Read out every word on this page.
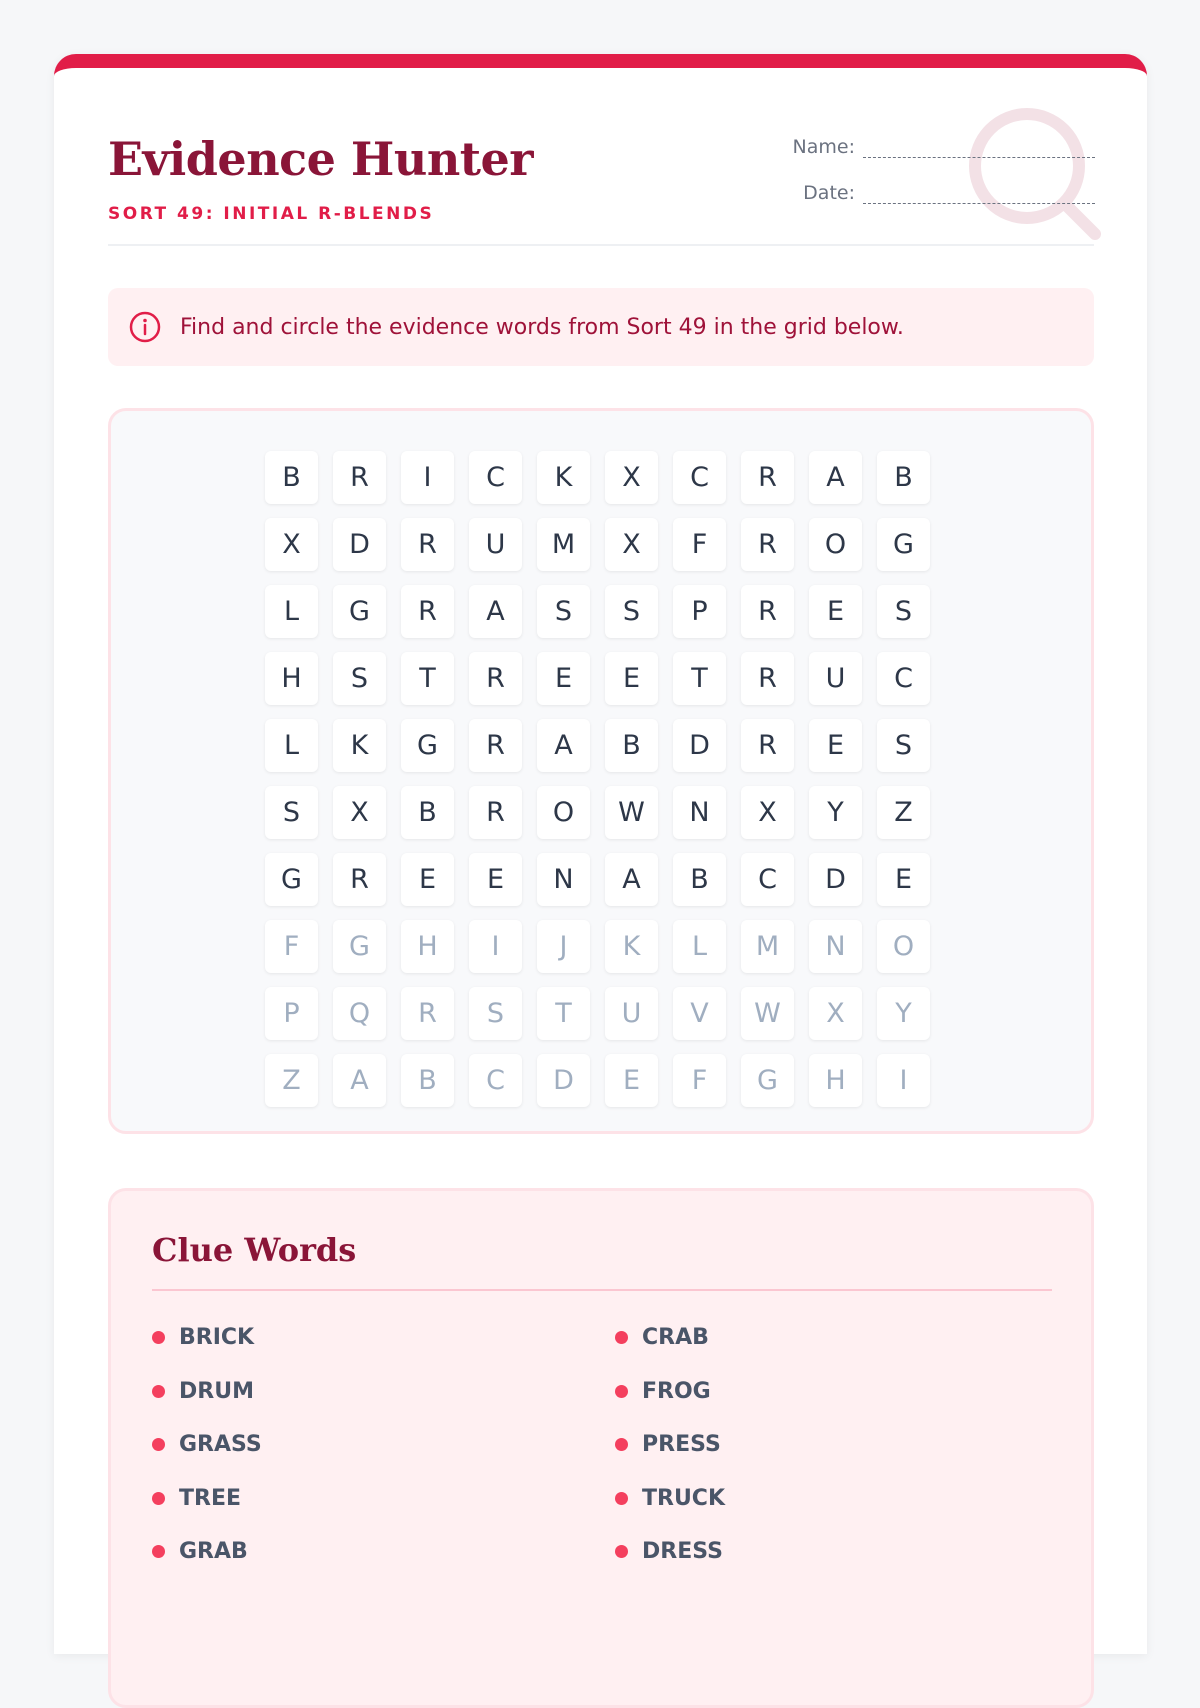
Evidence Hunter
SORT 49: INITIAL R-BLENDS
Name:
Date:
Find and circle the evidence words from Sort 49 in the grid below.
B	R	I	C	K	X	C	R	A	B
X	D	R	U	M	X	F	R	O	G
L	G	R	A	S	S	P	R	E	S
H	S	T	R	E	E	T	R	U	C
L	K	G	R	A	B	D	R	E	S
S	X	B	R	O	W	N	X	Y	Z
G	R	E	E	N	A	B	C	D	E
F	G	H	I	J	K	L	M	N	O
P	Q	R	S	T	U	V	W	X	Y
Z	A	B	C	D	E	F	G	H	I
Clue Words
BRICK	CRAB
DRUM	FROG
GRASS	PRESS
TREE	TRUCK
GRAB	DRESS
